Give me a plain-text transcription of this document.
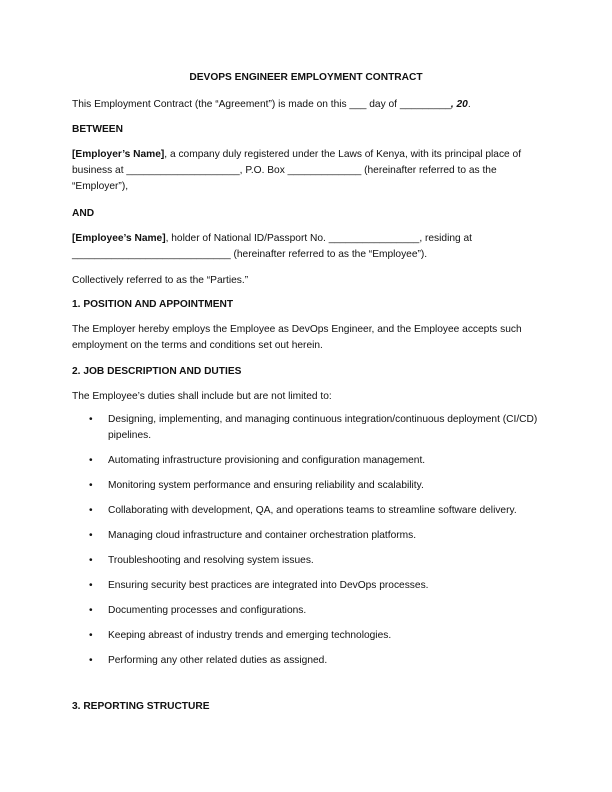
DEVOPS ENGINEER EMPLOYMENT CONTRACT
This Employment Contract (the “Agreement”) is made on this ___ day of _________, 20.
BETWEEN
[Employer’s Name], a company duly registered under the Laws of Kenya, with its principal place of business at ____________________, P.O. Box _____________ (hereinafter referred to as the “Employer”),
AND
[Employee’s Name], holder of National ID/Passport No. ________________, residing at ____________________________ (hereinafter referred to as the “Employee”).
Collectively referred to as the “Parties.”
1. POSITION AND APPOINTMENT
The Employer hereby employs the Employee as DevOps Engineer, and the Employee accepts such employment on the terms and conditions set out herein.
2. JOB DESCRIPTION AND DUTIES
The Employee’s duties shall include but are not limited to:
• Designing, implementing, and managing continuous integration/continuous deployment (CI/CD) pipelines.
• Automating infrastructure provisioning and configuration management.
• Monitoring system performance and ensuring reliability and scalability.
• Collaborating with development, QA, and operations teams to streamline software delivery.
• Managing cloud infrastructure and container orchestration platforms.
• Troubleshooting and resolving system issues.
• Ensuring security best practices are integrated into DevOps processes.
• Documenting processes and configurations.
• Keeping abreast of industry trends and emerging technologies.
• Performing any other related duties as assigned.
3. REPORTING STRUCTURE
